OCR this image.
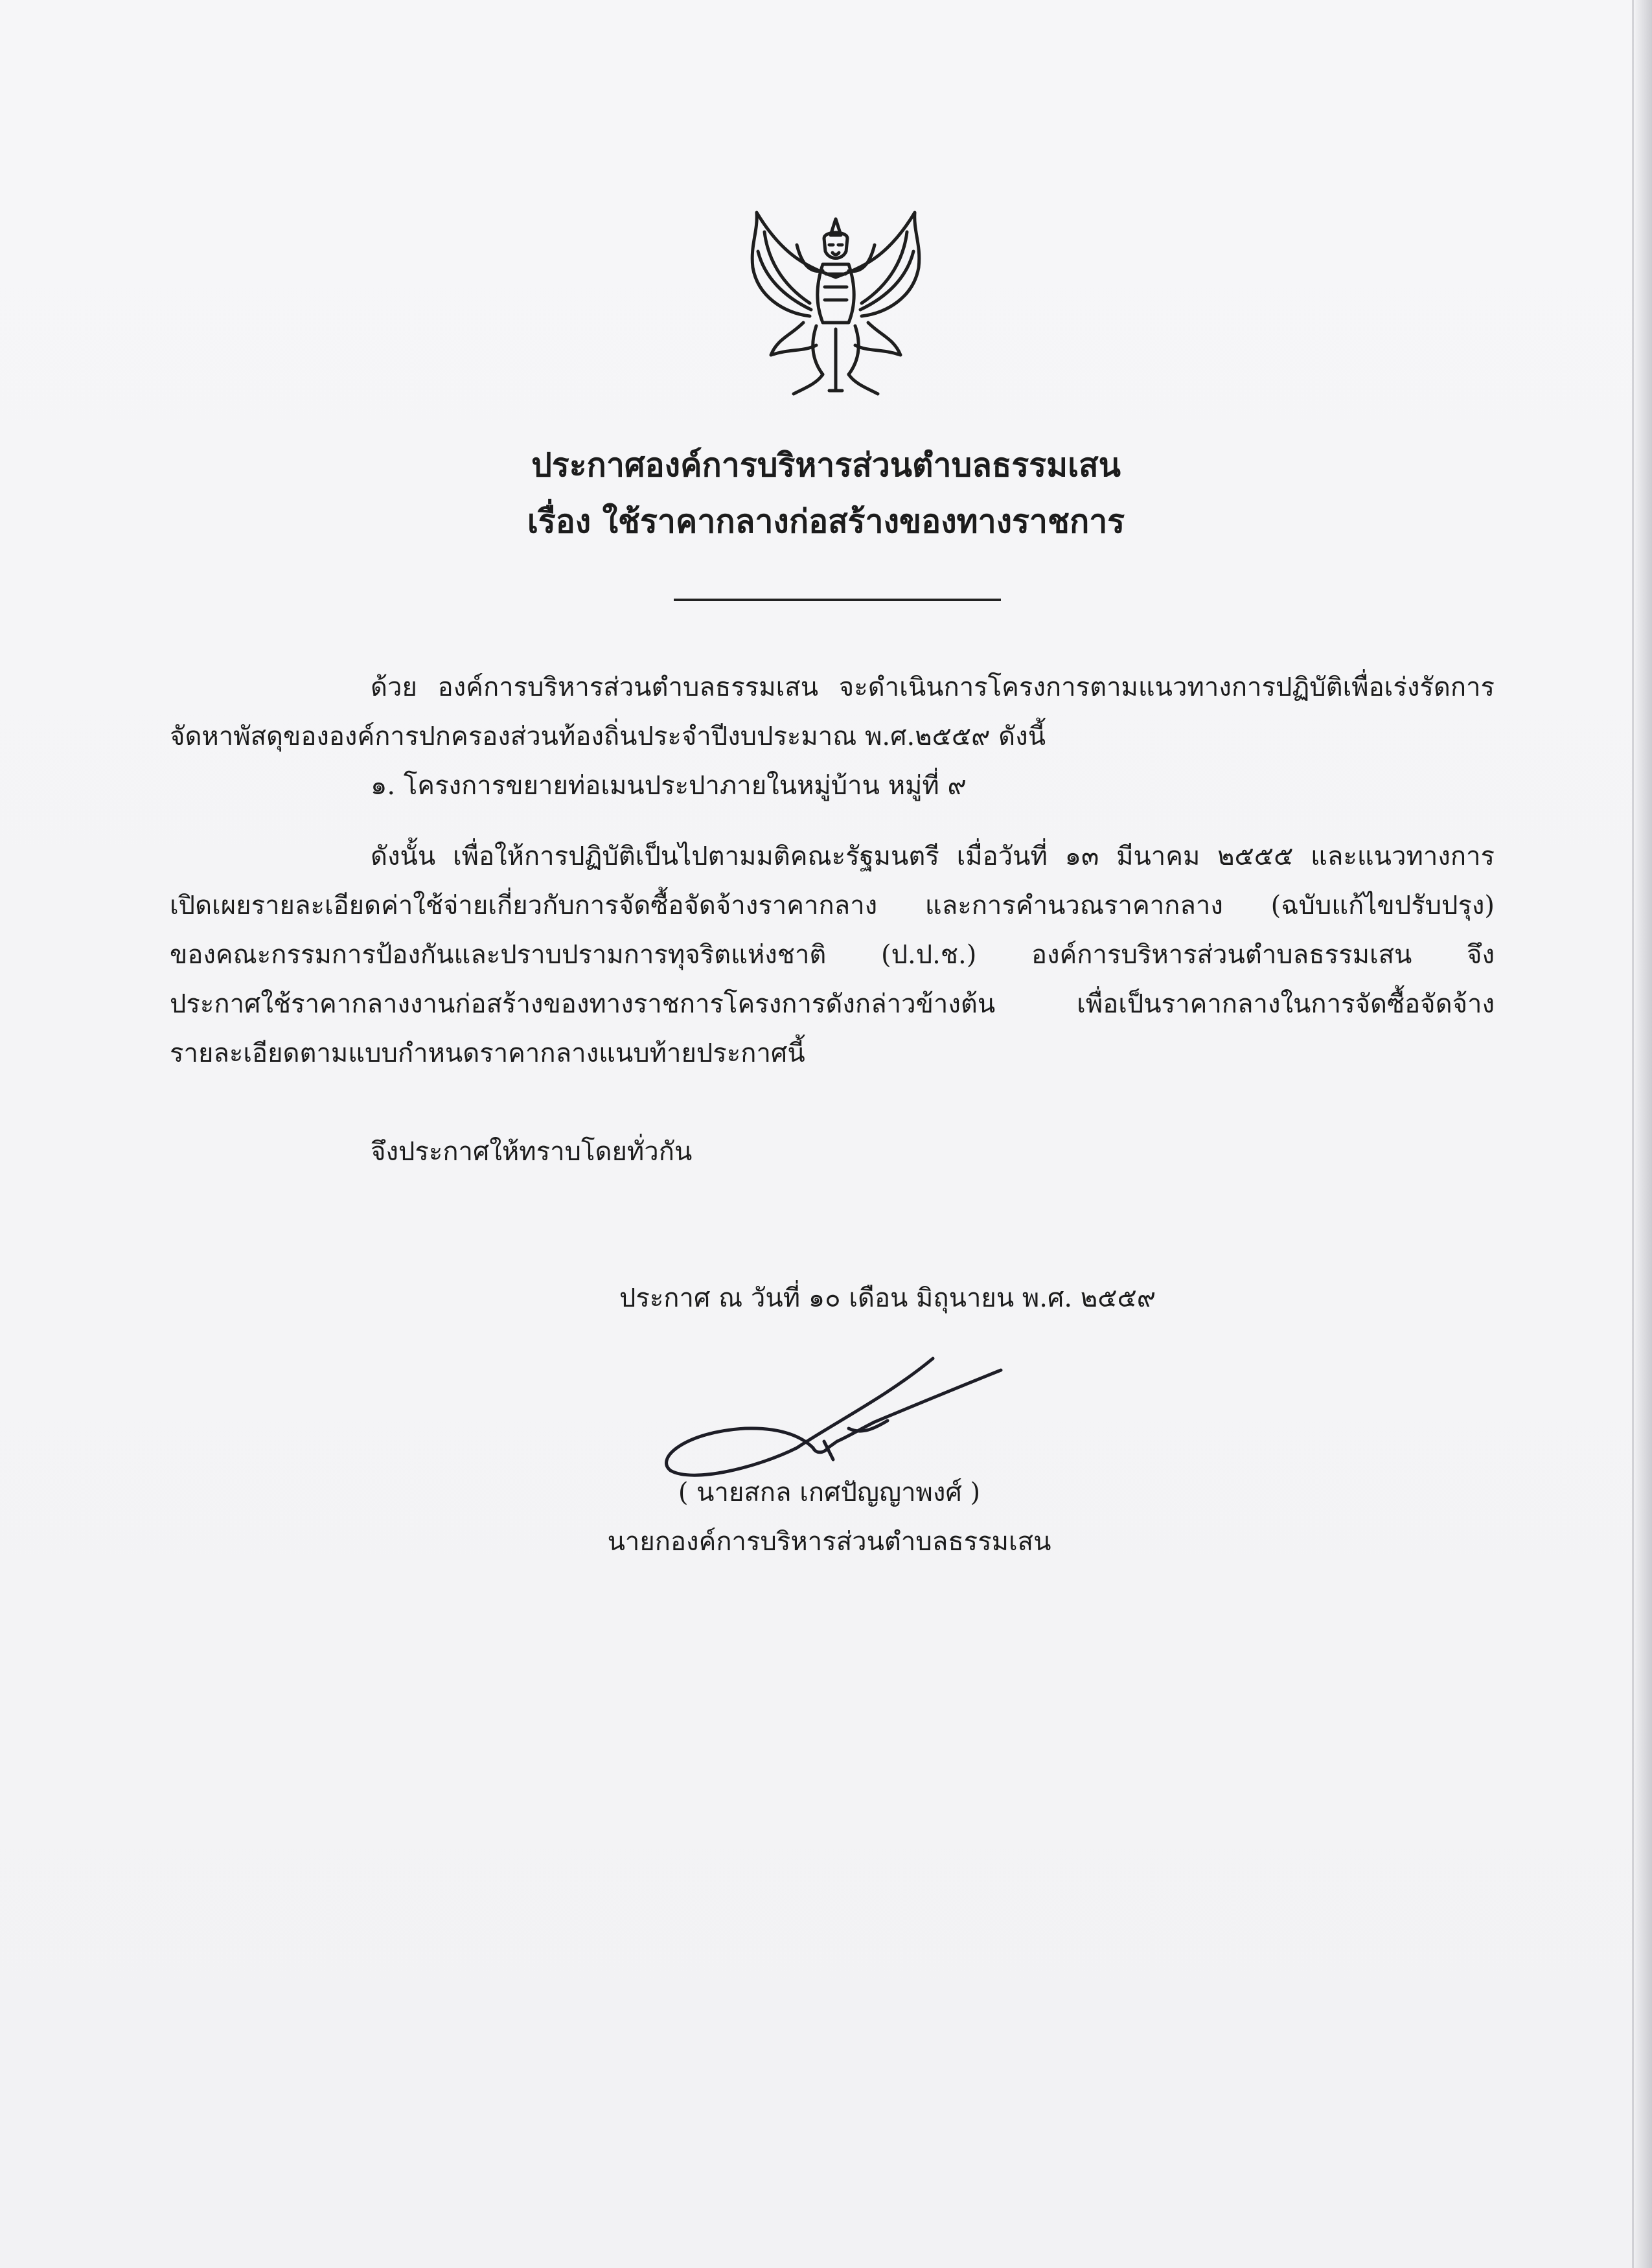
ประกาศองค์การบริหารส่วนตำบลธรรมเสน
เรื่อง ใช้ราคากลางก่อสร้างของทางราชการ
ด้วย องค์การบริหารส่วนตำบลธรรมเสน จะดำเนินการโครงการตามแนวทางการปฏิบัติเพื่อเร่งรัดการ
จัดหาพัสดุขององค์การปกครองส่วนท้องถิ่นประจำปีงบประมาณ พ.ศ.๒๕๕๙ ดังนี้
๑. โครงการขยายท่อเมนประปาภายในหมู่บ้าน หมู่ที่ ๙
ดังนั้น เพื่อให้การปฏิบัติเป็นไปตามมติคณะรัฐมนตรี เมื่อวันที่ ๑๓ มีนาคม ๒๕๕๕ และแนวทางการ
เปิดเผยรายละเอียดค่าใช้จ่ายเกี่ยวกับการจัดซื้อจัดจ้างราคากลาง และการคำนวณราคากลาง (ฉบับแก้ไขปรับปรุง)
ของคณะกรรมการป้องกันและปราบปรามการทุจริตแห่งชาติ (ป.ป.ช.) องค์การบริหารส่วนตำบลธรรมเสน จึง
ประกาศใช้ราคากลางงานก่อสร้างของทางราชการโครงการดังกล่าวข้างต้น เพื่อเป็นราคากลางในการจัดซื้อจัดจ้าง
รายละเอียดตามแบบกำหนดราคากลางแนบท้ายประกาศนี้
จึงประกาศให้ทราบโดยทั่วกัน
ประกาศ ณ วันที่ ๑๐ เดือน มิถุนายน พ.ศ. ๒๕๕๙
( นายสกล เกศปัญญาพงศ์ )
นายกองค์การบริหารส่วนตำบลธรรมเสน
